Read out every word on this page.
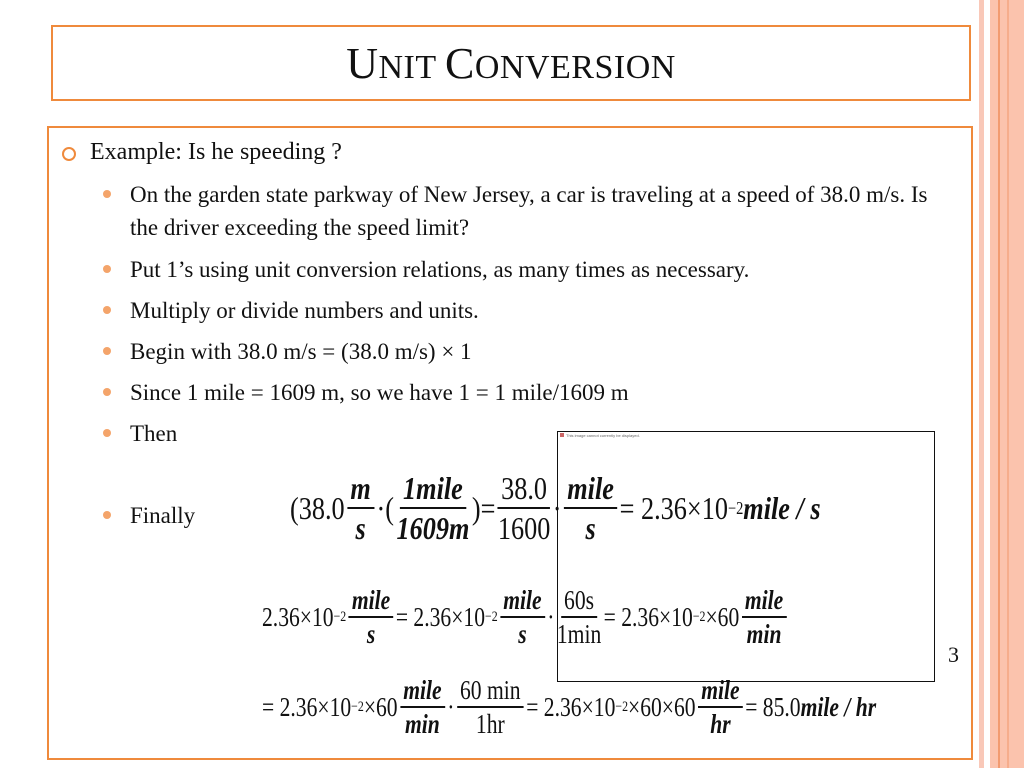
UNIT CONVERSION
Example: Is he speeding ?
On the garden state parkway of New Jersey, a car is traveling at a speed of 38.0 m/s. Is the driver exceeding the speed limit?
Put 1’s using unit conversion relations, as many times as necessary.
Multiply or divide numbers and units.
Begin with 38.0 m/s = (38.0 m/s) × 1
Since 1 mile = 1609 m, so we have 1 = 1 mile/1609 m
Then
Finally	($38.0 \frac{m}{s}$ ·( $\frac{\text{1mile}}{1609m}$ )= $\frac{38.0}{1600} \cdot \frac{\text{mile}}{s} = 2.36\times 10 -2$ mile / s
$2.36\times 10 -2 \frac{\text{mile}}{s} = 2.36\times 10 -2 \frac{\text{mile}}{s} \cdot \frac{60s}{1\min} = 2.36\times 10 -2 \times 60 \frac{\text{mile}}{\min}$
= $2.36\times 10 -2 \times 60 \frac{\text{mile}}{\min} \cdot \frac{60 \min}{1hr} = 2.36\times 10 -2 \times 60\times 60 \frac{\text{mile}}{hr} = 85.0$ mile / hr
This image cannot currently be displayed.
3
